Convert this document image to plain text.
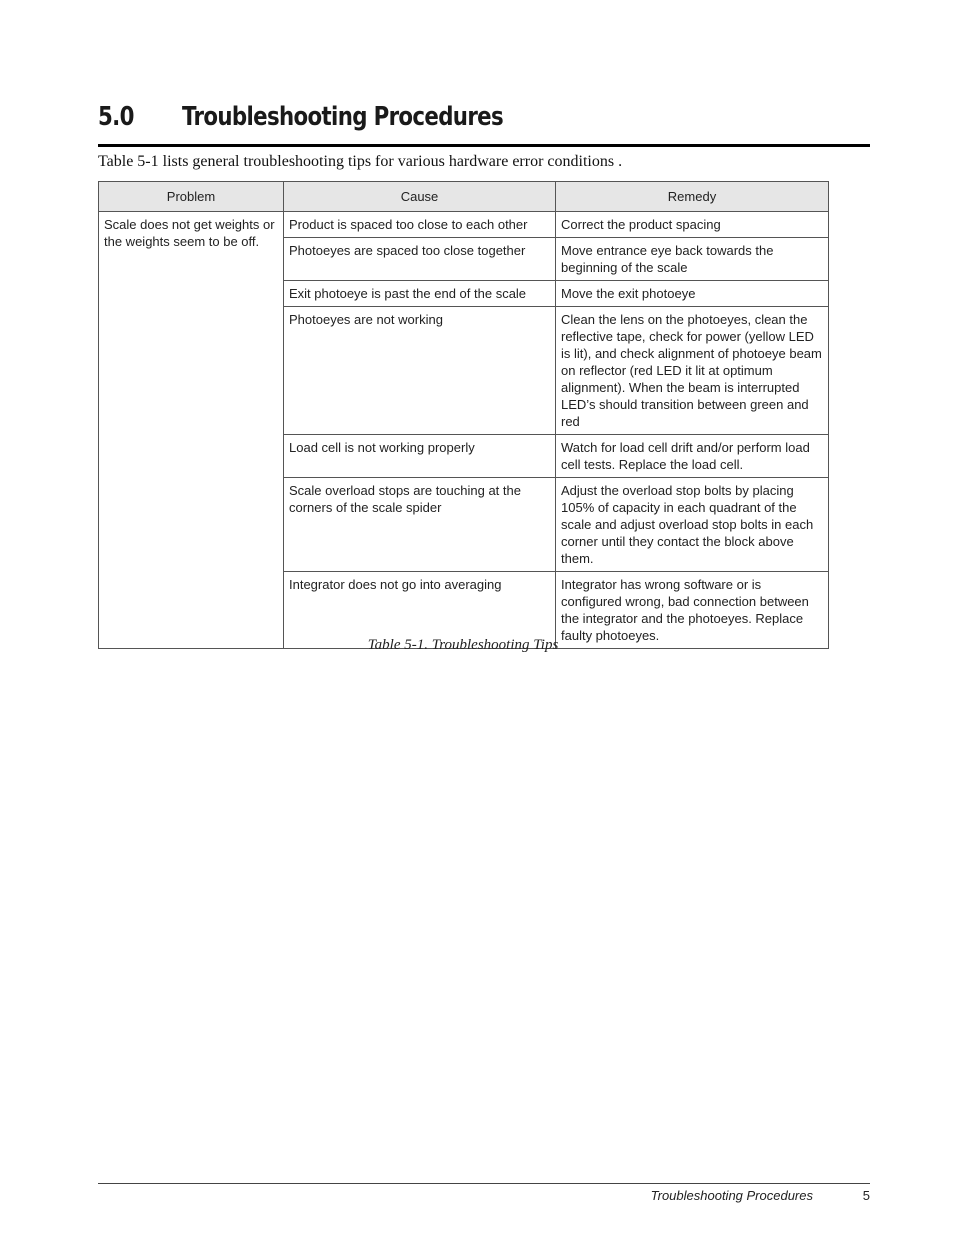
5.0 Troubleshooting Procedures
Table 5-1 lists general troubleshooting tips for various hardware error conditions .
Problem	Cause	Remedy
Scale does not get weights or the weights seem to be off.	Product is spaced too close to each other	Correct the product spacing
	Photoeyes are spaced too close together	Move entrance eye back towards the beginning of the scale
	Exit photoeye is past the end of the scale	Move the exit photoeye
	Photoeyes are not working	Clean the lens on the photoeyes, clean the reflective tape, check for power (yellow LED is lit), and check alignment of photoeye beam on reflector (red LED it lit at optimum alignment). When the beam is interrupted LED’s should transition between green and red
	Load cell is not working properly	Watch for load cell drift and/or perform load cell tests. Replace the load cell.
	Scale overload stops are touching at the corners of the scale spider	Adjust the overload stop bolts by placing 105% of capacity in each quadrant of the scale and adjust overload stop bolts in each corner until they contact the block above them.
	Integrator does not go into averaging	Integrator has wrong software or is configured wrong, bad connection between the integrator and the photoeyes. Replace faulty photoeyes.
Table 5-1. Troubleshooting Tips
Troubleshooting Procedures	5
